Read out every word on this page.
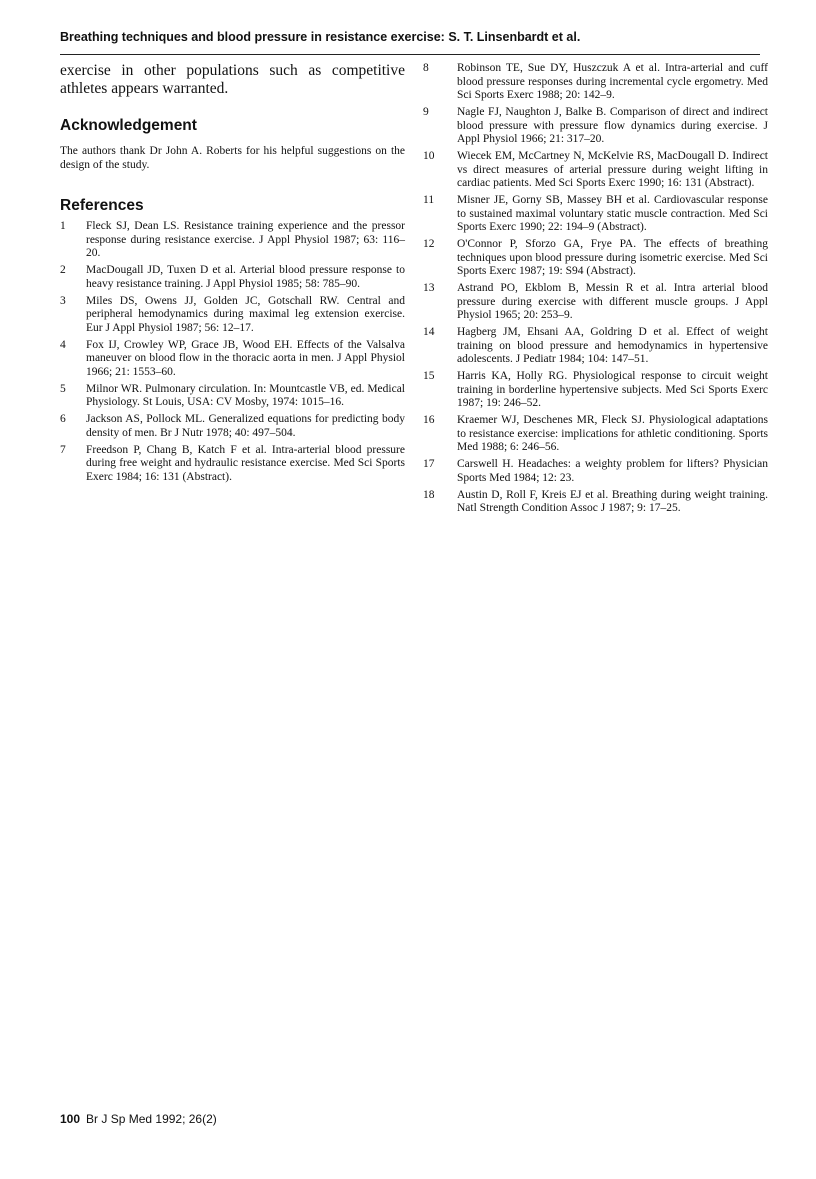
Breathing techniques and blood pressure in resistance exercise: S. T. Linsenbardt et al.

exercise in other populations such as competitive athletes appears warranted.

Acknowledgement

The authors thank Dr John A. Roberts for his helpful suggestions on the design of the study.

References
1	Fleck SJ, Dean LS. Resistance training experience and the pressor response during resistance exercise. J Appl Physiol 1987; 63: 116–20.
2	MacDougall JD, Tuxen D et al. Arterial blood pressure response to heavy resistance training. J Appl Physiol 1985; 58: 785–90.
3	Miles DS, Owens JJ, Golden JC, Gotschall RW. Central and peripheral hemodynamics during maximal leg extension exercise. Eur J Appl Physiol 1987; 56: 12–17.
4	Fox IJ, Crowley WP, Grace JB, Wood EH. Effects of the Valsalva maneuver on blood flow in the thoracic aorta in men. J Appl Physiol 1966; 21: 1553–60.
5	Milnor WR. Pulmonary circulation. In: Mountcastle VB, ed. Medical Physiology. St Louis, USA: CV Mosby, 1974: 1015–16.
6	Jackson AS, Pollock ML. Generalized equations for predicting body density of men. Br J Nutr 1978; 40: 497–504.
7	Freedson P, Chang B, Katch F et al. Intra-arterial blood pressure during free weight and hydraulic resistance exercise. Med Sci Sports Exerc 1984; 16: 131 (Abstract).
8	Robinson TE, Sue DY, Huszczuk A et al. Intra-arterial and cuff blood pressure responses during incremental cycle ergometry. Med Sci Sports Exerc 1988; 20: 142–9.
9	Nagle FJ, Naughton J, Balke B. Comparison of direct and indirect blood pressure with pressure flow dynamics during exercise. J Appl Physiol 1966; 21: 317–20.
10	Wiecek EM, McCartney N, McKelvie RS, MacDougall D. Indirect vs direct measures of arterial pressure during weight lifting in cardiac patients. Med Sci Sports Exerc 1990; 16: 131 (Abstract).
11	Misner JE, Gorny SB, Massey BH et al. Cardiovascular response to sustained maximal voluntary static muscle contraction. Med Sci Sports Exerc 1990; 22: 194–9 (Abstract).
12	O'Connor P, Sforzo GA, Frye PA. The effects of breathing techniques upon blood pressure during isometric exercise. Med Sci Sports Exerc 1987; 19: S94 (Abstract).
13	Astrand PO, Ekblom B, Messin R et al. Intra arterial blood pressure during exercise with different muscle groups. J Appl Physiol 1965; 20: 253–9.
14	Hagberg JM, Ehsani AA, Goldring D et al. Effect of weight training on blood pressure and hemodynamics in hypertensive adolescents. J Pediatr 1984; 104: 147–51.
15	Harris KA, Holly RG. Physiological response to circuit weight training in borderline hypertensive subjects. Med Sci Sports Exerc 1987; 19: 246–52.
16	Kraemer WJ, Deschenes MR, Fleck SJ. Physiological adaptations to resistance exercise: implications for athletic conditioning. Sports Med 1988; 6: 246–56.
17	Carswell H. Headaches: a weighty problem for lifters? Physician Sports Med 1984; 12: 23.
18	Austin D, Roll F, Kreis EJ et al. Breathing during weight training. Natl Strength Condition Assoc J 1987; 9: 17–25.
100 Br J Sp Med 1992; 26(2)
